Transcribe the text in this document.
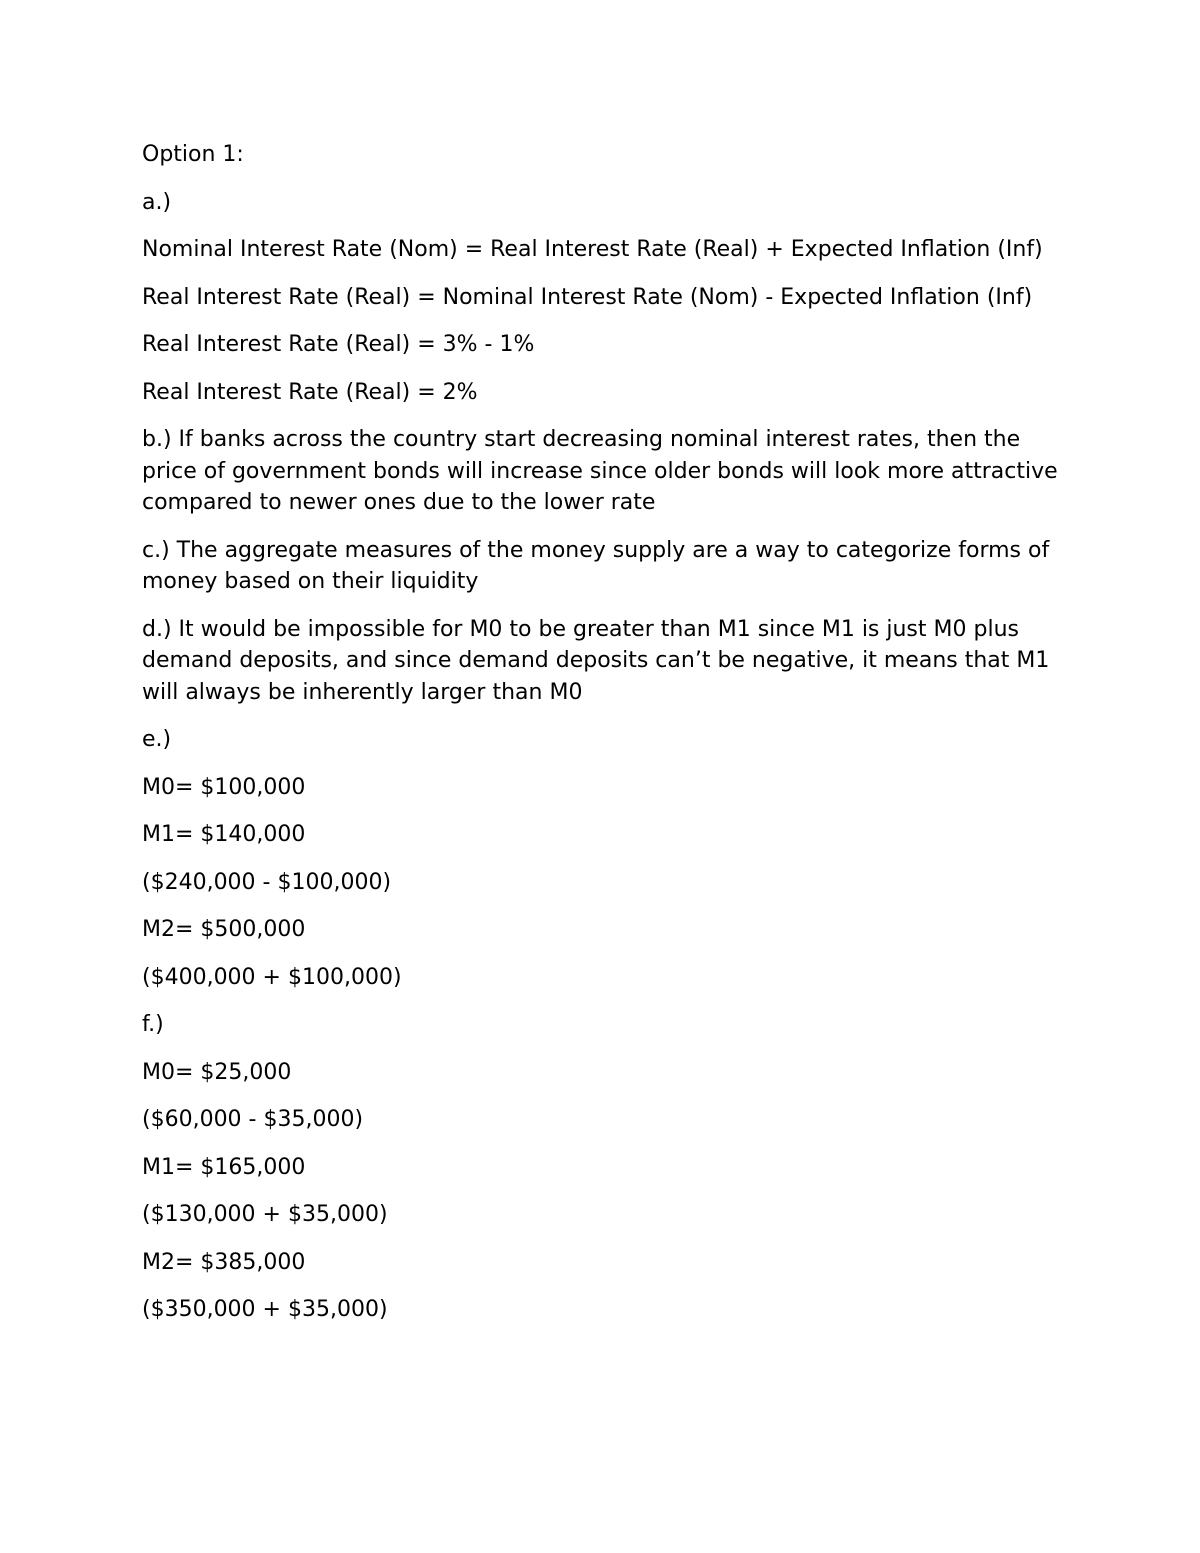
Option 1:

a.)

Nominal Interest Rate (Nom) = Real Interest Rate (Real) + Expected Inflation (Inf)

Real Interest Rate (Real) = Nominal Interest Rate (Nom) - Expected Inflation (Inf)

Real Interest Rate (Real) = 3% - 1%

Real Interest Rate (Real) = 2%

b.) If banks across the country start decreasing nominal interest rates, then the price of government bonds will increase since older bonds will look more attractive compared to newer ones due to the lower rate

c.) The aggregate measures of the money supply are a way to categorize forms of money based on their liquidity

d.) It would be impossible for M0 to be greater than M1 since M1 is just M0 plus demand deposits, and since demand deposits can’t be negative, it means that M1 will always be inherently larger than M0

e.)

M0= $100,000

M1= $140,000

($240,000 - $100,000)

M2= $500,000

($400,000 + $100,000)

f.)

M0= $25,000

($60,000 - $35,000)

M1= $165,000

($130,000 + $35,000)

M2= $385,000

($350,000 + $35,000)
